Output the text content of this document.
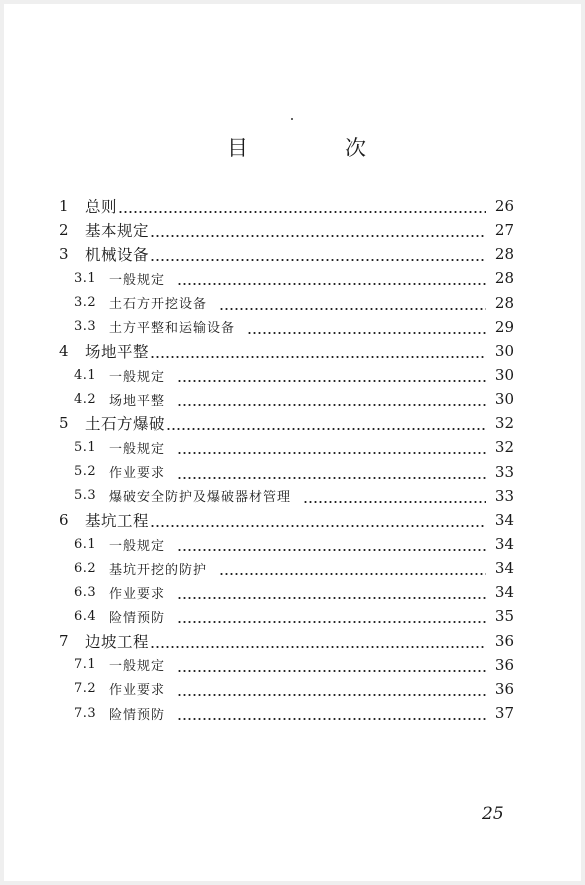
目　次
1	总则	26
2	基本规定	27
3	机械设备	28
3.1 一般规定	28
3.2 土石方开挖设备	28
3.3 土方平整和运输设备	29
4	场地平整	30
4.1 一般规定	30
4.2 场地平整	30
5	土石方爆破	32
5.1 一般规定	32
5.2 作业要求	33
5.3 爆破安全防护及爆破器材管理	33
6	基坑工程	34
6.1 一般规定	34
6.2 基坑开挖的防护	34
6.3 作业要求	34
6.4 险情预防	35
7	边坡工程	36
7.1 一般规定	36
7.2 作业要求	36
7.3 险情预防	37
25
